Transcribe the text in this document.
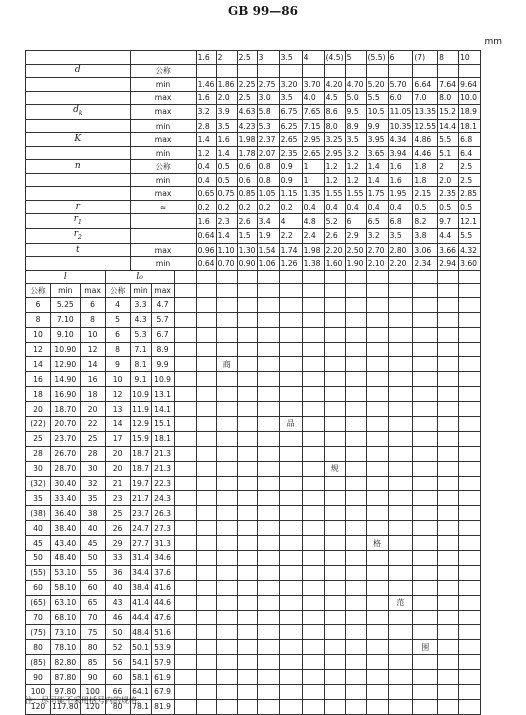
GB 99—86
mm
							1.6	2	2.5	3	3.5	4	(4.5)	5	(5.5)	6	(7)	8	10
d				公称															
				min			1.46	1.86	2.25	2.75	3.20	3.70	4.20	4.70	5.20	5.70	6.64	7.64	9.64
				max			1.6	2.0	2.5	3.0	3.5	4.0	4.5	5.0	5.5	6.0	7.0	8.0	10.0
$d_k$				max			3.2	3.9	4.63	5.8	6.75	7.65	8.6	9.5	10.5	11.05	13.35	15.2	18.9
				min			2.8	3.5	4.23	5.3	6.25	7.15	8.0	8.9	9.9	10.35	12.55	14.4	18.1
K				max			1.4	1.6	1.98	2.37	2.65	2.95	3.25	3.5	3.95	4.34	4.86	5.5	6.8
				min			1.2	1.4	1.78	2.07	2.35	2.65	2.95	3.2	3.65	3.94	4.46	5.1	6.4
n				公称			0.4	0.5	0.6	0.8	0.9	1	1.2	1.2	1.4	1.6	1.8	2	2.5
				min			0.4	0.5	0.6	0.8	0.9	1	1.2	1.2	1.4	1.6	1.8	2.0	2.5
				max			0.65	0.75	0.85	1.05	1.15	1.35	1.55	1.55	1.75	1.95	2.15	2.35	2.85
r				≈			0.2	0.2	0.2	0.2	0.2	0.4	0.4	0.4	0.4	0.4	0.5	0.5	0.5
$r_1$							1.6	2.3	2.6	3.4	4	4.8	5.2	6	6.5	6.8	8.2	9.7	12.1
$r_2$							0.64	1.4	1.5	1.9	2.2	2.4	2.6	2.9	3.2	3.5	3.8	4.4	5.5
t				max			0.96	1.10	1.30	1.54	1.74	1.98	2.20	2.50	2.70	2.80	3.06	3.66	4.32
				min			0.64	0.70	0.90	1.06	1.26	1.38	1.60	1.90	2.10	2.20	2.34	2.94	3.60
l			l₀																
公称	min	max	公称	min	max														
6	5.25	6	4	3.3	4.7														
8	7.10	8	5	4.3	5.7														
10	9.10	10	6	5.3	6.7														
12	10.90	12	8	7.1	8.9														
14	12.90	14	9	8.1	9.9			商											
16	14.90	16	10	9.1	10.9														
18	16.90	18	12	10.9	13.1														
20	18.70	20	13	11.9	14.1														
(22)	20.70	22	14	12.9	15.1						品								
25	23.70	25	17	15.9	18.1														
28	26.70	28	20	18.7	21.3														
30	28.70	30	20	18.7	21.3								规						
(32)	30.40	32	21	19.7	22.3														
35	33.40	35	23	21.7	24.3														
(38)	36.40	38	25	23.7	26.3														
40	38.40	40	26	24.7	27.3														
45	43.40	45	29	27.7	31.3										格				
50	48.40	50	33	31.4	34.6														
(55)	53.10	55	36	34.4	37.6														
60	58.10	60	40	38.4	41.6														
(65)	63.10	65	43	41.4	44.6											范			
70	68.10	70	46	44.4	47.6														
(75)	73.10	75	50	48.4	51.6														
80	78.10	80	52	50.1	53.9												围		
(85)	82.80	85	56	54.1	57.9														
90	87.80	90	60	58.1	61.9														
100	97.80	100	66	64.1	67.9														
120	117.80	120	80	78.1	81.9														
注：尽可能不采用括号内的规格。
